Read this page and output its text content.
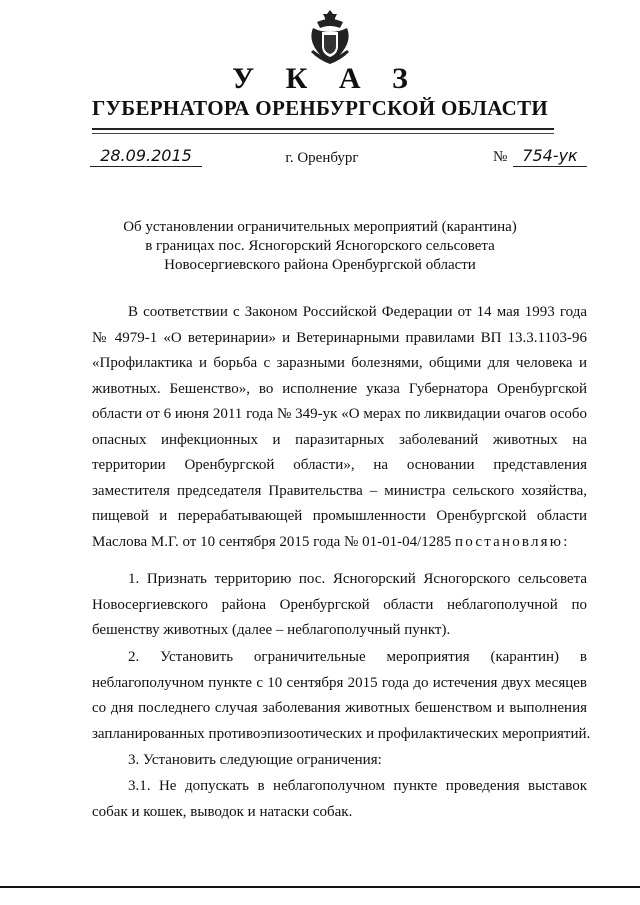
У К А З
ГУБЕРНАТОРА ОРЕНБУРГСКОЙ ОБЛАСТИ
28.09.2015	г. Оренбург	№ 754-ук
Об установлении ограничительных мероприятий (карантина)
в границах пос. Ясногорский Ясногорского сельсовета
Новосергиевского района Оренбургской области
В соответствии с Законом Российской Федерации от 14 мая 1993 года
№ 4979-1 «О ветеринарии» и Ветеринарными правилами ВП 13.3.1103-96
«Профилактика и борьба с заразными болезнями, общими для человека и
животных. Бешенство», во исполнение указа Губернатора Оренбургской
области от 6 июня 2011 года № 349-ук «О мерах по ликвидации очагов особо
опасных инфекционных и паразитарных заболеваний животных на
территории Оренбургской области», на основании представления
заместителя председателя Правительства – министра сельского хозяйства,
пищевой и перерабатывающей промышленности Оренбургской области
Маслова М.Г. от 10 сентября 2015 года № 01-01-04/1285 постановляю:
1. Признать территорию пос. Ясногорский Ясногорского сельсовета
Новосергиевского района Оренбургской области неблагополучной по
бешенству животных (далее – неблагополучный пункт).
2. Установить ограничительные мероприятия (карантин) в
неблагополучном пункте с 10 сентября 2015 года до истечения двух месяцев
со дня последнего случая заболевания животных бешенством и выполнения
запланированных противоэпизоотических и профилактических мероприятий.
3. Установить следующие ограничения:
3.1. Не допускать в неблагополучном пункте проведения выставок
собак и кошек, выводок и натаски собак.
